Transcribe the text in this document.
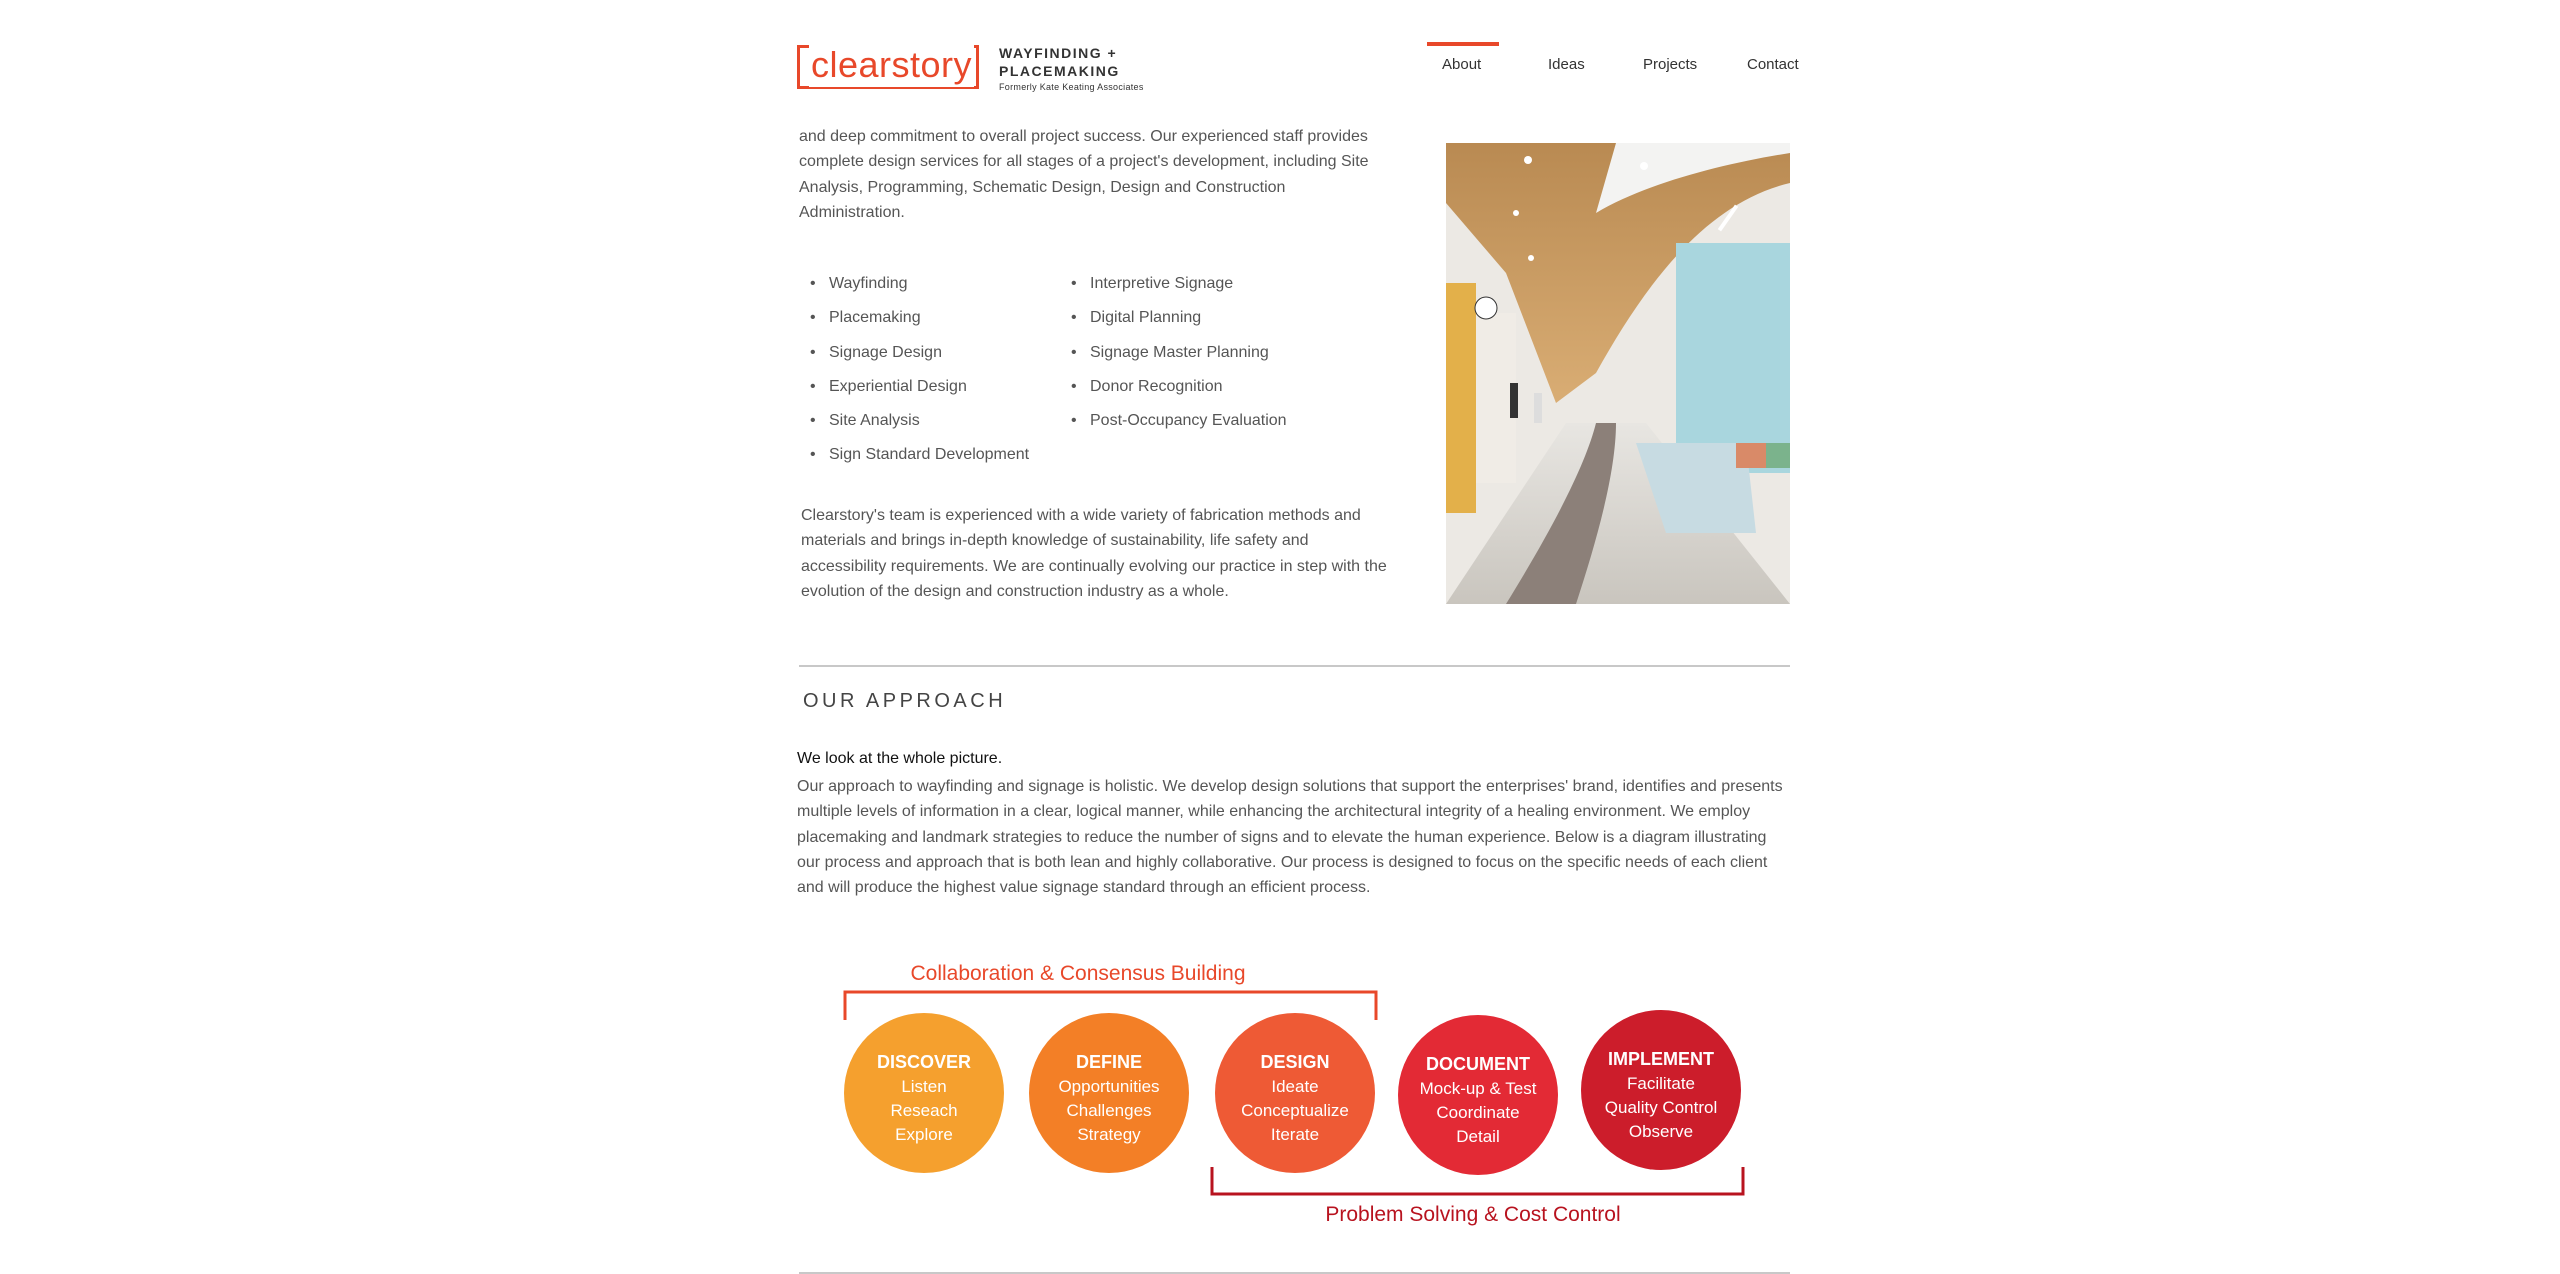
clearstory WAYFINDING +
PLACEMAKING
Formerly Kate Keating Associates
About	Ideas	Projects	Contact

and deep commitment to overall project success. Our experienced staff provides complete design services for all stages of a project's development, including Site Analysis, Programming, Schematic Design, Design and Construction Administration.

• Wayfinding
• Placemaking
• Signage Design
• Experiential Design
• Site Analysis
• Sign Standard Development
• Interpretive Signage
• Digital Planning
• Signage Master Planning
• Donor Recognition
• Post-Occupancy Evaluation

Clearstory's team is experienced with a wide variety of fabrication methods and materials and brings in-depth knowledge of sustainability, life safety and accessibility requirements. We are continually evolving our practice in step with the evolution of the design and construction industry as a whole.

OUR APPROACH
We look at the whole picture.

Our approach to wayfinding and signage is holistic. We develop design solutions that support the enterprises' brand, identifies and presents multiple levels of information in a clear, logical manner, while enhancing the architectural integrity of a healing environment. We employ placemaking and landmark strategies to reduce the number of signs and to elevate the human experience. Below is a diagram illustrating our process and approach that is both lean and highly collaborative. Our process is designed to focus on the specific needs of each client and will produce the highest value signage standard through an efficient process.

Collaboration & Consensus Building
Problem Solving & Cost Control
DISCOVER
Listen
Reseach
Explore
DEFINE
Opportunities
Challenges
Strategy
DESIGN
Ideate
Conceptualize
Iterate
DOCUMENT
Mock-up & Test
Coordinate
Detail
IMPLEMENT
Facilitate
Quality Control
Observe
